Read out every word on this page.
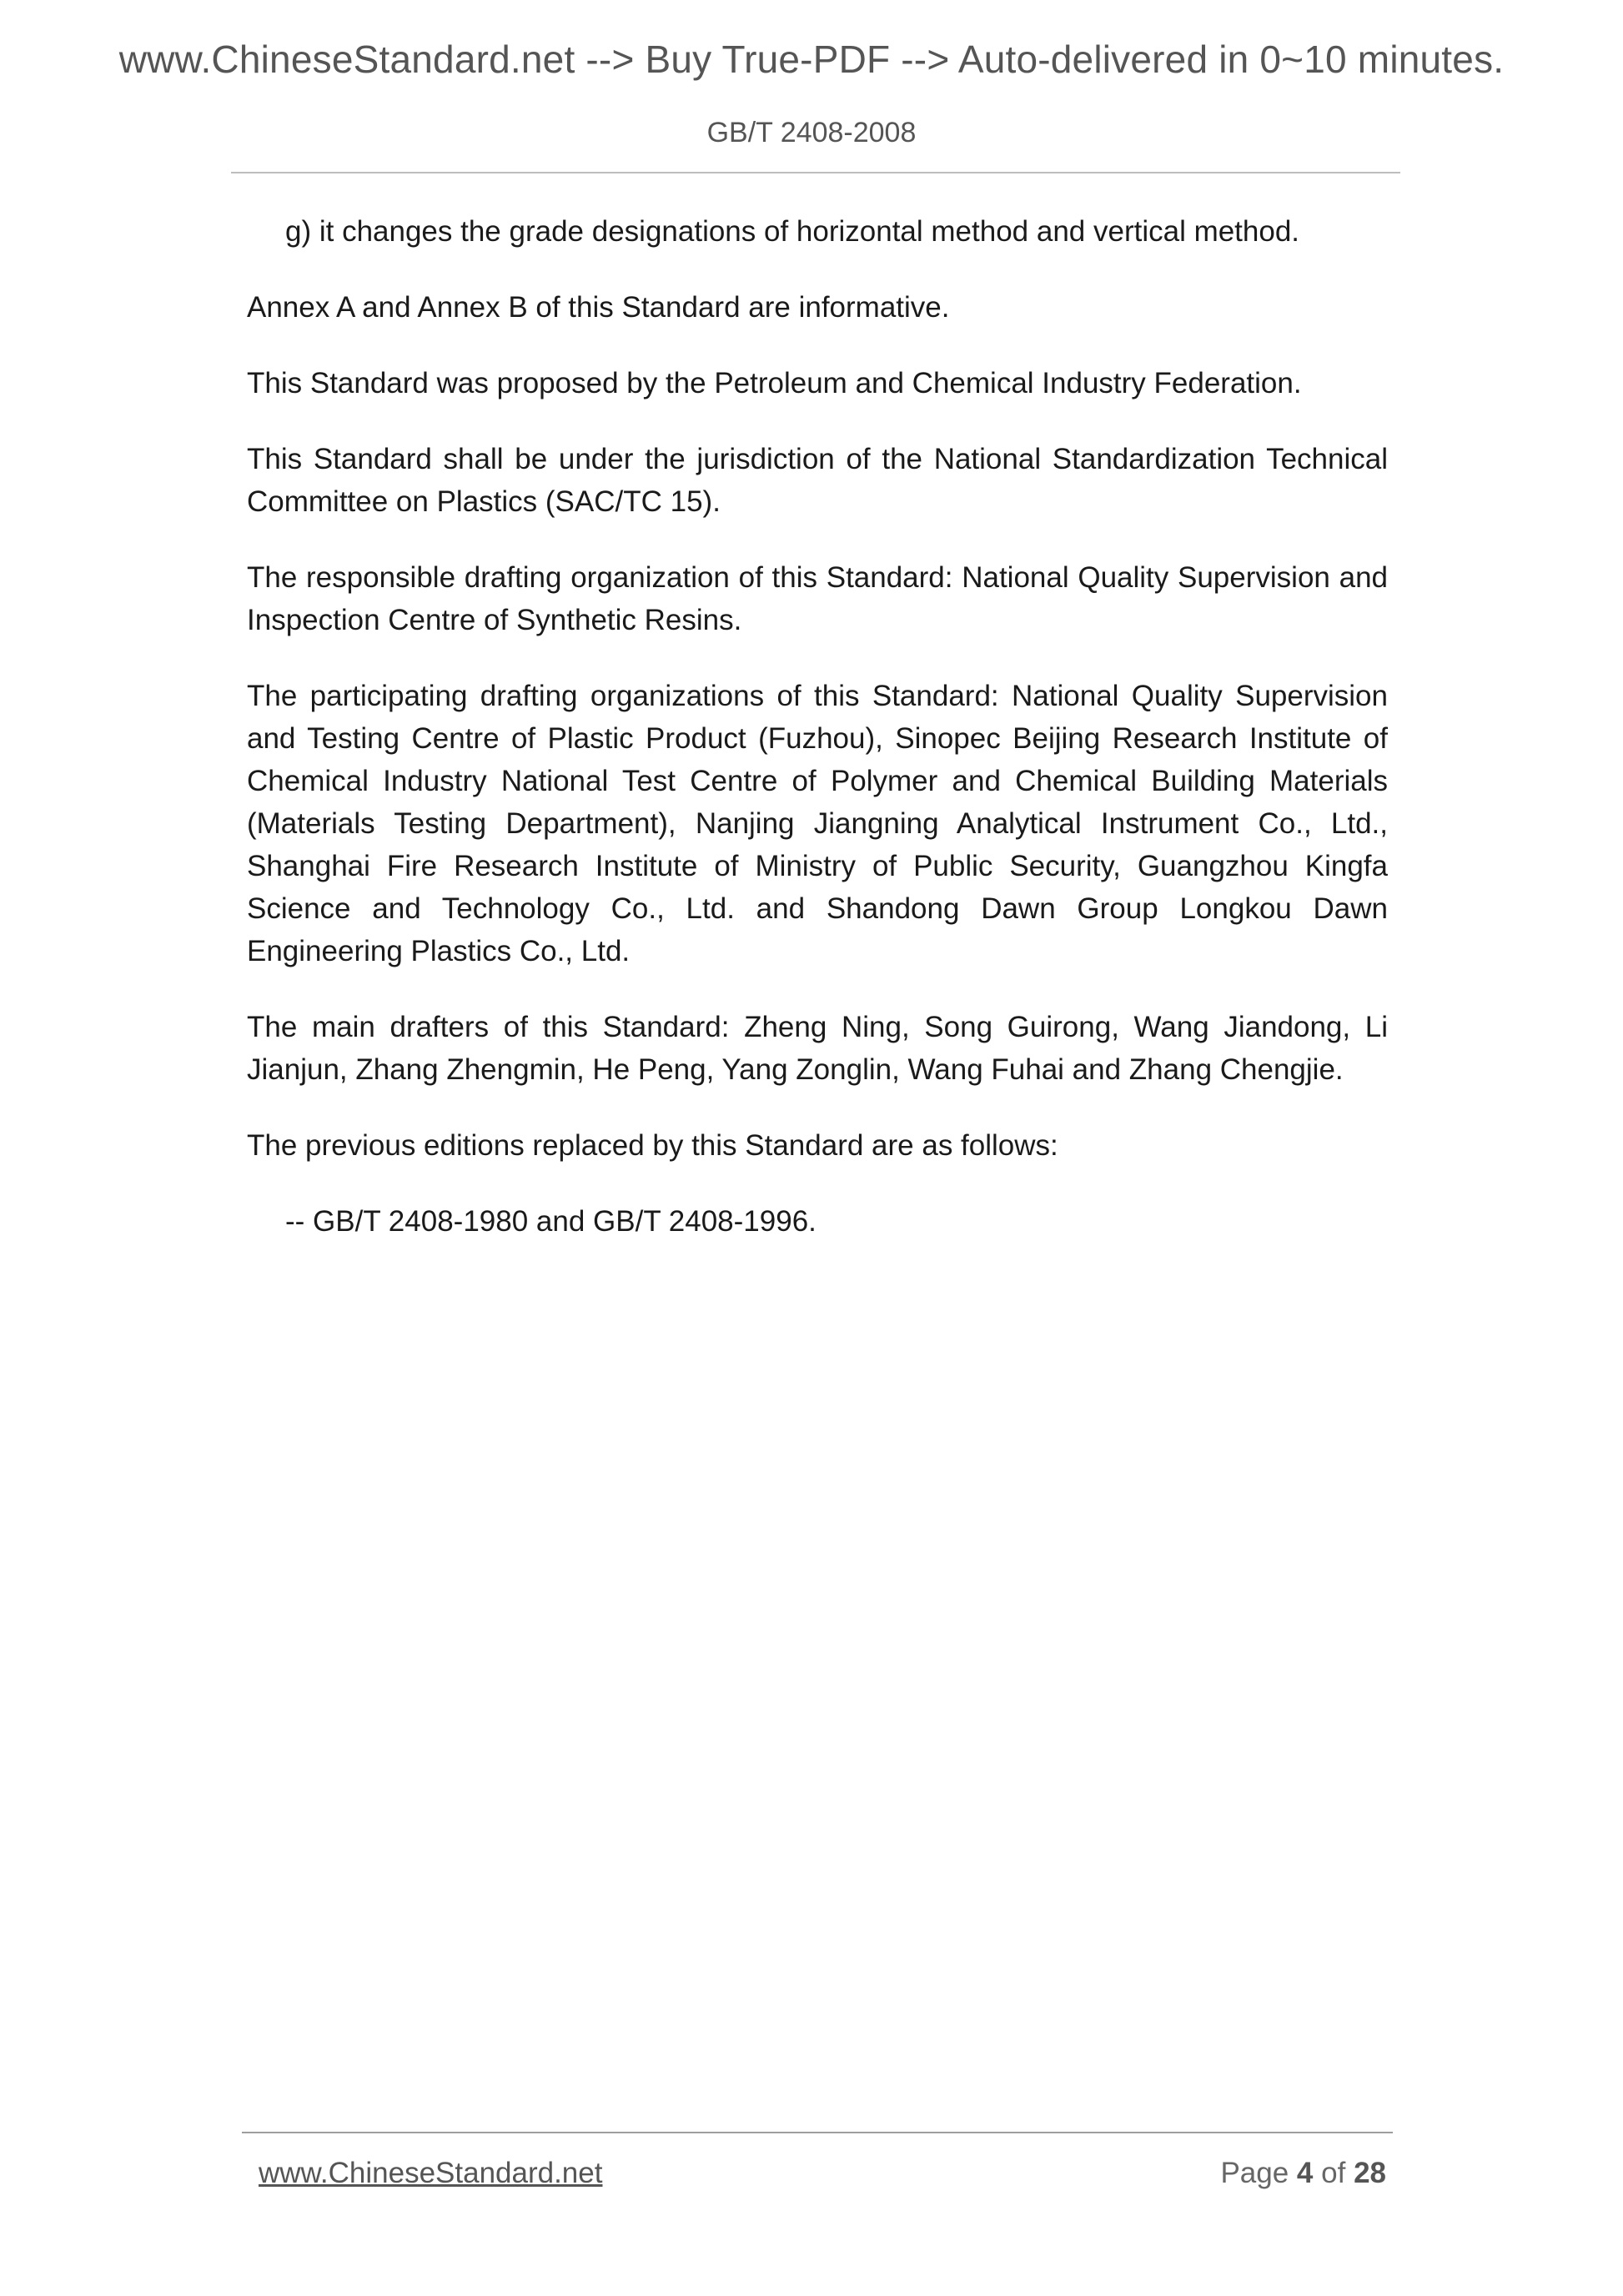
www.ChineseStandard.net --> Buy True-PDF --> Auto-delivered in 0~10 minutes.
GB/T 2408-2008

g) it changes the grade designations of horizontal method and vertical method.

Annex A and Annex B of this Standard are informative.

This Standard was proposed by the Petroleum and Chemical Industry Federation.

This Standard shall be under the jurisdiction of the National Standardization Technical Committee on Plastics (SAC/TC 15).

The responsible drafting organization of this Standard: National Quality Supervision and Inspection Centre of Synthetic Resins.

The participating drafting organizations of this Standard: National Quality Supervision and Testing Centre of Plastic Product (Fuzhou), Sinopec Beijing Research Institute of Chemical Industry National Test Centre of Polymer and Chemical Building Materials (Materials Testing Department), Nanjing Jiangning Analytical Instrument Co., Ltd., Shanghai Fire Research Institute of Ministry of Public Security, Guangzhou Kingfa Science and Technology Co., Ltd. and Shandong Dawn Group Longkou Dawn Engineering Plastics Co., Ltd.

The main drafters of this Standard: Zheng Ning, Song Guirong, Wang Jiandong, Li Jianjun, Zhang Zhengmin, He Peng, Yang Zonglin, Wang Fuhai and Zhang Chengjie.

The previous editions replaced by this Standard are as follows:

-- GB/T 2408-1980 and GB/T 2408-1996.

www.ChineseStandard.net	Page 4 of 28
